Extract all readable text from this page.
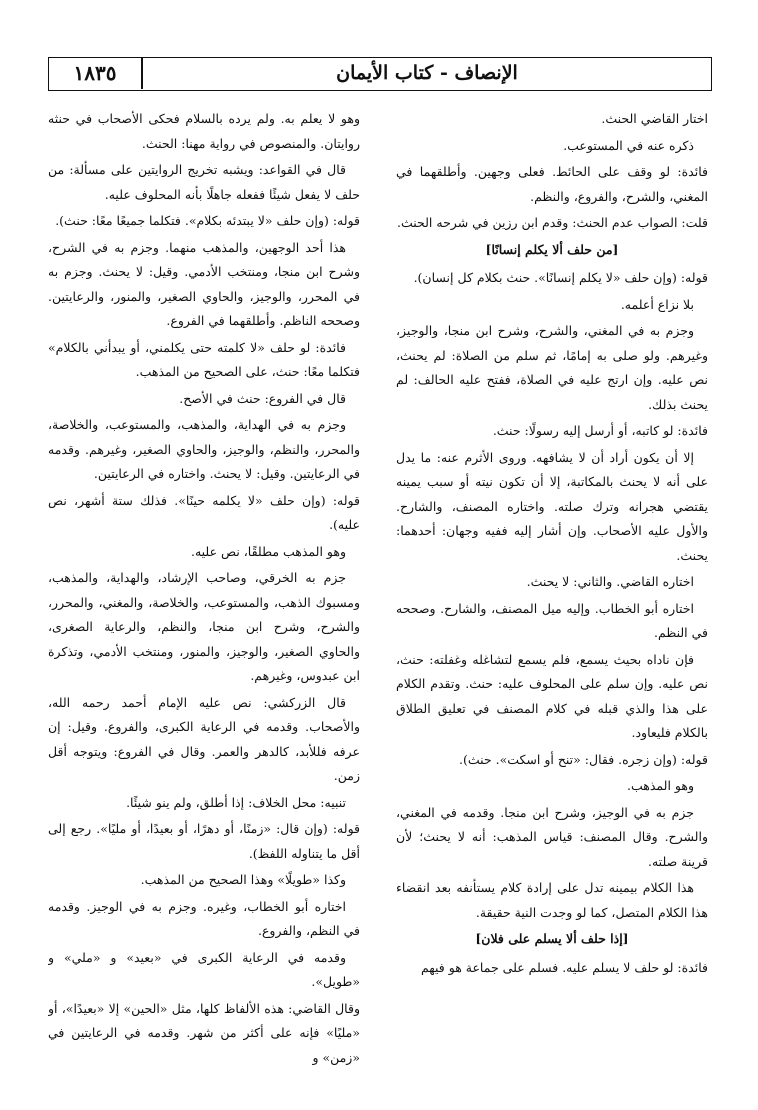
الإنصاف - كتاب الأيمان
١٨٣٥

اختار القاضي الحنث.

ذكره عنه في المستوعب.

فائدة: لو وقف على الحائط. فعلى وجهين. وأطلقهما في المغني، والشرح، والفروع، والنظم.

قلت: الصواب عدم الحنث: وقدم ابن رزين في شرحه الحنث.

[من حلف ألا يكلم إنسانًا]

قوله: (وإن حلف «لا يكلم إنسانًا». حنث بكلام كل إنسان).

بلا نزاع أعلمه.

وجزم به في المغني، والشرح، وشرح ابن منجا، والوجيز، وغيرهم. ولو صلى به إمامًا، ثم سلم من الصلاة: لم يحنث، نص عليه. وإن ارتج عليه في الصلاة، ففتح عليه الحالف: لم يحنث بذلك.

فائدة: لو كاتبه، أو أرسل إليه رسولًا: حنث.

إلا أن يكون أراد أن لا يشافهه. وروى الأثرم عنه: ما يدل على أنه لا يحنث بالمكاتبة، إلا أن تكون نيته أو سبب يمينه يقتضي هجرانه وترك صلته. واختاره المصنف، والشارح. والأول عليه الأصحاب. وإن أشار إليه ففيه وجهان: أحدهما: يحنث.

اختاره القاضي. والثاني: لا يحنث.

اختاره أبو الخطاب. وإليه ميل المصنف، والشارح. وصححه في النظم.

فإن ناداه بحيث يسمع، فلم يسمع لتشاغله وغفلته: حنث، نص عليه. وإن سلم على المحلوف عليه: حنث. وتقدم الكلام على هذا والذي قبله في كلام المصنف في تعليق الطلاق بالكلام فليعاود.

قوله: (وإن زجره. فقال: «تنح أو اسكت». حنث).

وهو المذهب.

جزم به في الوجيز، وشرح ابن منجا. وقدمه في المغني، والشرح. وقال المصنف: قياس المذهب: أنه لا يحنث؛ لأن قرينة صلته.

هذا الكلام بيمينه تدل على إرادة كلام يستأنفه بعد انقضاء هذا الكلام المتصل، كما لو وجدت النية حقيقة.

[إذا حلف ألا يسلم على فلان]

فائدة: لو حلف لا يسلم عليه. فسلم على جماعة هو فيهم

وهو لا يعلم به. ولم يرده بالسلام فحكى الأصحاب في حنثه روايتان. والمنصوص في رواية مهنا: الحنث.

قال في القواعد: ويشبه تخريج الروايتين على مسألة: من حلف لا يفعل شيئًا ففعله جاهلًا بأنه المحلوف عليه.

قوله: (وإن حلف «لا يبتدئه بكلام». فتكلما جميعًا معًا: حنث).

هذا أحد الوجهين، والمذهب منهما. وجزم به في الشرح، وشرح ابن منجا، ومنتخب الأدمي. وقيل: لا يحنث. وجزم به في المحرر، والوجيز، والحاوي الصغير، والمنور، والرعايتين. وصححه الناظم. وأطلقهما في الفروع.

فائدة: لو حلف «لا كلمته حتى يكلمني، أو يبدأني بالكلام» فتكلما معًا: حنث، على الصحيح من المذهب.

قال في الفروع: حنث في الأصح.

وجزم به في الهداية، والمذهب، والمستوعب، والخلاصة، والمحرر، والنظم، والوجيز، والحاوي الصغير، وغيرهم. وقدمه في الرعايتين. وقيل: لا يحنث. واختاره في الرعايتين.

قوله: (وإن حلف «لا يكلمه حينًا». فذلك ستة أشهر، نص عليه).

وهو المذهب مطلقًا، نص عليه.

جزم به الخرقي، وصاحب الإرشاد، والهداية، والمذهب، ومسبوك الذهب، والمستوعب، والخلاصة، والمغني، والمحرر، والشرح، وشرح ابن منجا، والنظم، والرعاية الصغرى، والحاوي الصغير، والوجيز، والمنور، ومنتخب الأدمي، وتذكرة ابن عبدوس، وغيرهم.

قال الزركشي: نص عليه الإمام أحمد رحمه الله، والأصحاب. وقدمه في الرعاية الكبرى، والفروع. وقيل: إن عرفه فللأبد، كالدهر والعمر. وقال في الفروع: ويتوجه أقل زمن.

تنبيه: محل الخلاف: إذا أطلق، ولم ينو شيئًا.

قوله: (وإن قال: «زمنًا، أو دهرًا، أو بعيدًا، أو مليًا». رجع إلى أقل ما يتناوله اللفظ).

وكذا «طويلًا» وهذا الصحيح من المذهب.

اختاره أبو الخطاب، وغيره. وجزم به في الوجيز. وقدمه في النظم، والفروع.

وقدمه في الرعاية الكبرى في «بعيد» و «ملي» و «طويل».

وقال القاضي: هذه الألفاظ كلها، مثل «الحين» إلا «بعيدًا»، أو «مليًا» فإنه على أكثر من شهر. وقدمه في الرعايتين في «زمن» و
